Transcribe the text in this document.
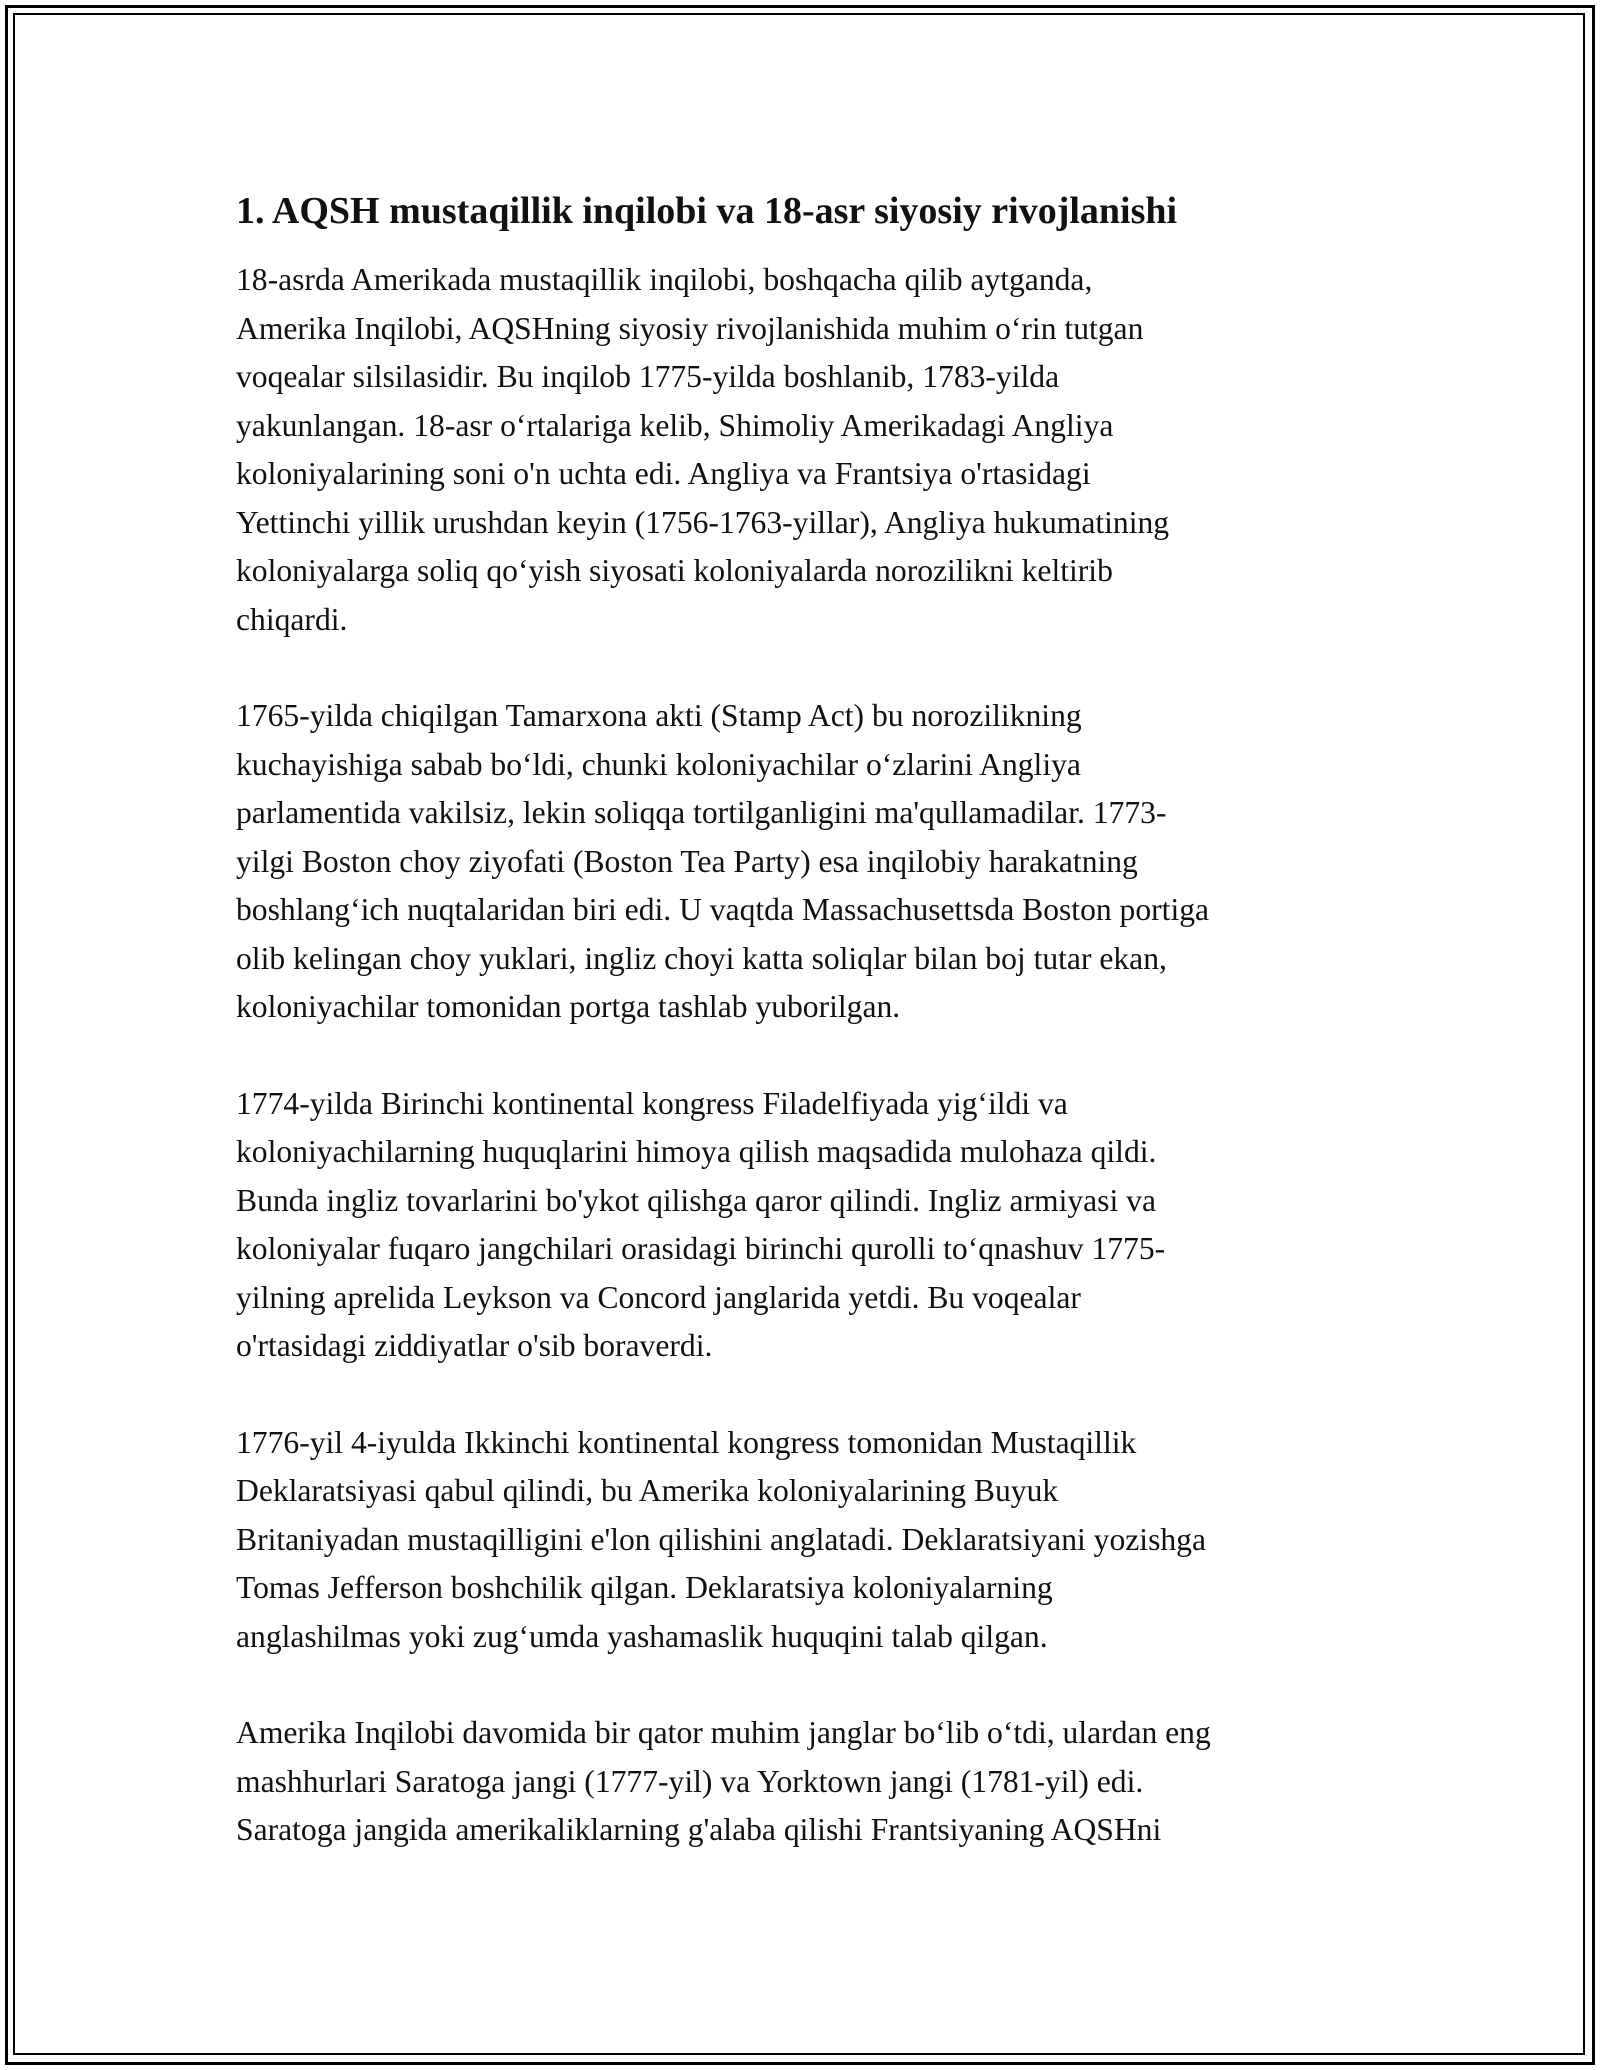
1. AQSH mustaqillik inqilobi va 18-asr siyosiy rivojlanishi

18-asrda Amerikada mustaqillik inqilobi, boshqacha qilib aytganda,
Amerika Inqilobi, AQSHning siyosiy rivojlanishida muhim o‘rin tutgan
voqealar silsilasidir. Bu inqilob 1775-yilda boshlanib, 1783-yilda
yakunlangan. 18-asr o‘rtalariga kelib, Shimoliy Amerikadagi Angliya
koloniyalarining soni o'n uchta edi. Angliya va Frantsiya o'rtasidagi
Yettinchi yillik urushdan keyin (1756-1763-yillar), Angliya hukumatining
koloniyalarga soliq qo‘yish siyosati koloniyalarda norozilikni keltirib
chiqardi.

1765-yilda chiqilgan Tamarxona akti (Stamp Act) bu norozilikning
kuchayishiga sabab bo‘ldi, chunki koloniyachilar o‘zlarini Angliya
parlamentida vakilsiz, lekin soliqqa tortilganligini ma'qullamadilar. 1773-
yilgi Boston choy ziyofati (Boston Tea Party) esa inqilobiy harakatning
boshlang‘ich nuqtalaridan biri edi. U vaqtda Massachusettsda Boston portiga
olib kelingan choy yuklari, ingliz choyi katta soliqlar bilan boj tutar ekan,
koloniyachilar tomonidan portga tashlab yuborilgan.

1774-yilda Birinchi kontinental kongress Filadelfiyada yig‘ildi va
koloniyachilarning huquqlarini himoya qilish maqsadida mulohaza qildi.
Bunda ingliz tovarlarini bo'ykot qilishga qaror qilindi. Ingliz armiyasi va
koloniyalar fuqaro jangchilari orasidagi birinchi qurolli to‘qnashuv 1775-
yilning aprelida Leykson va Concord janglarida yetdi. Bu voqealar
o'rtasidagi ziddiyatlar o'sib boraverdi.

1776-yil 4-iyulda Ikkinchi kontinental kongress tomonidan Mustaqillik
Deklaratsiyasi qabul qilindi, bu Amerika koloniyalarining Buyuk
Britaniyadan mustaqilligini e'lon qilishini anglatadi. Deklaratsiyani yozishga
Tomas Jefferson boshchilik qilgan. Deklaratsiya koloniyalarning
anglashilmas yoki zug‘umda yashamaslik huquqini talab qilgan.

Amerika Inqilobi davomida bir qator muhim janglar bo‘lib o‘tdi, ulardan eng
mashhurlari Saratoga jangi (1777-yil) va Yorktown jangi (1781-yil) edi.
Saratoga jangida amerikaliklarning g'alaba qilishi Frantsiyaning AQSHni
